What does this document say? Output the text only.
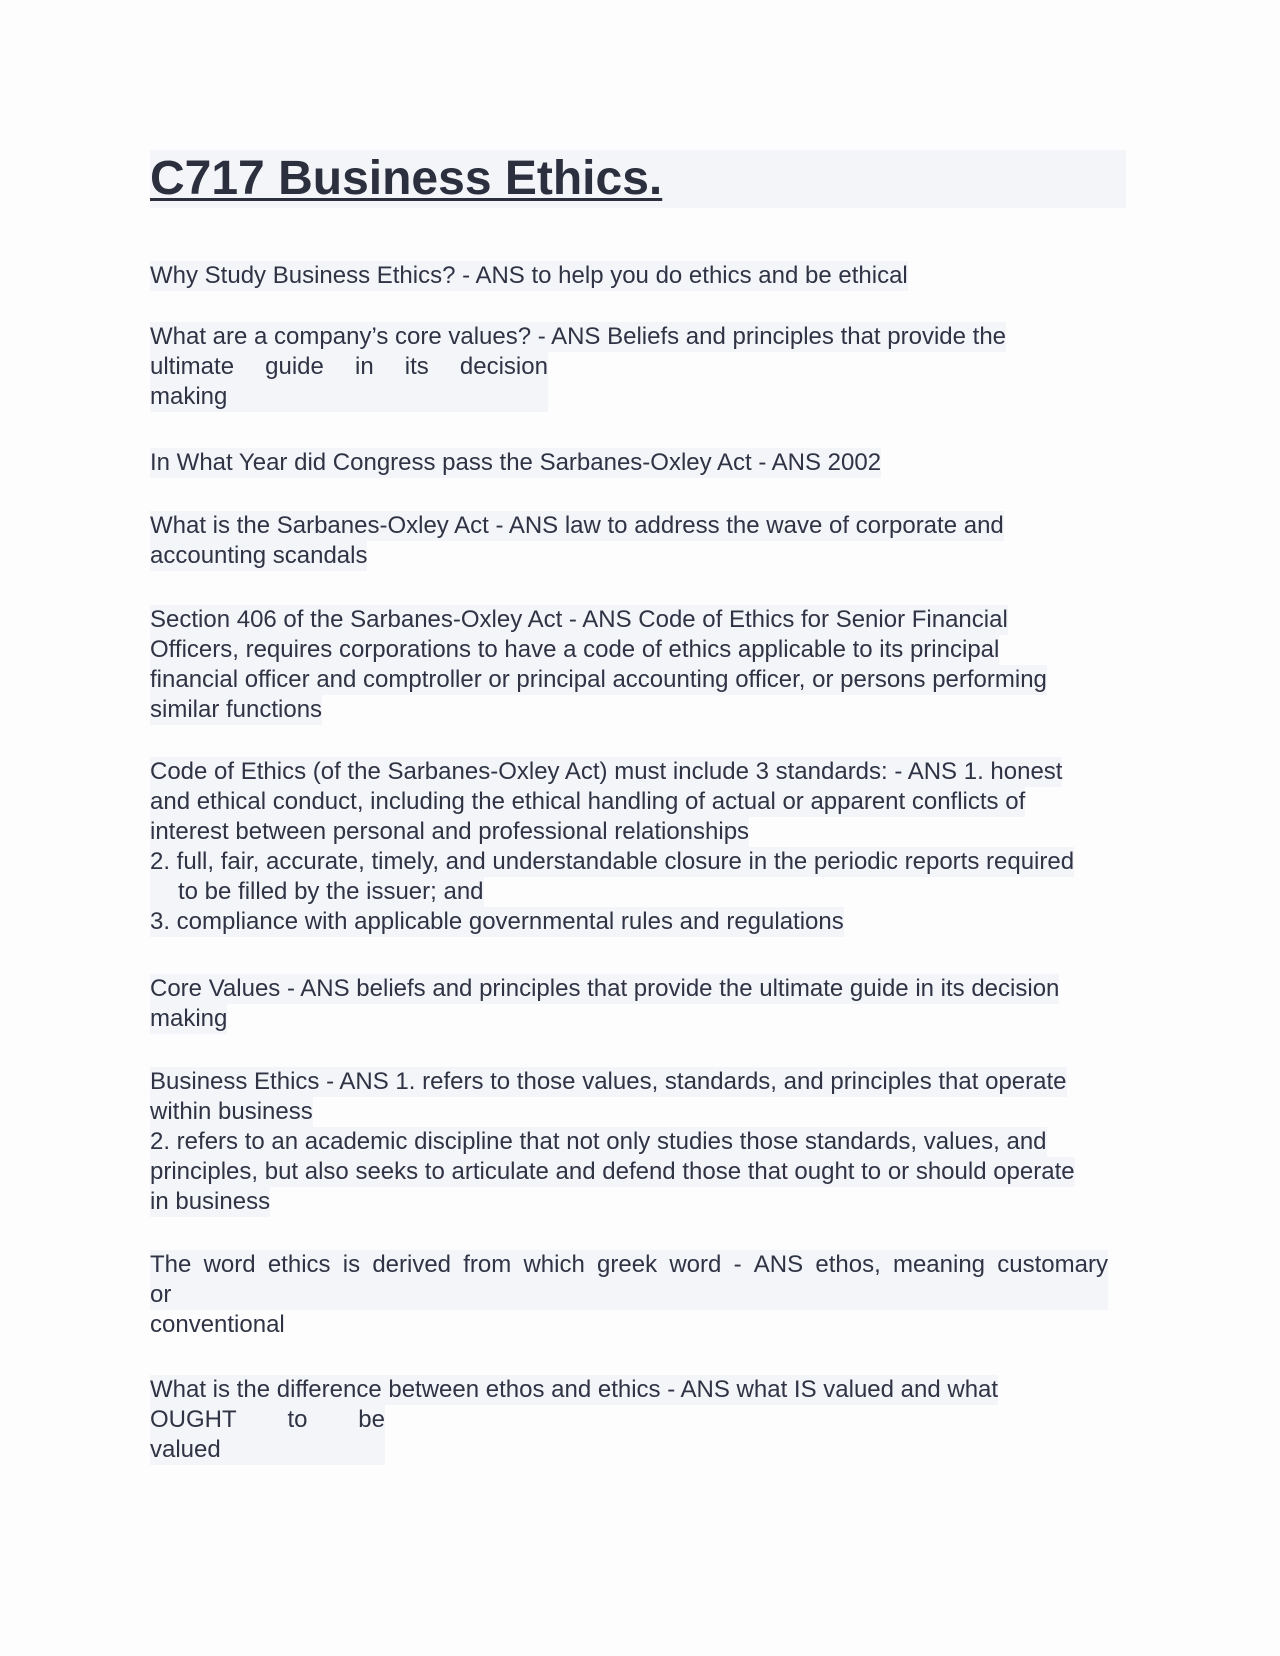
C717 Business Ethics.
Why Study Business Ethics? - ANS to help you do ethics and be ethical
What are a company’s core values? - ANS Beliefs and principles that provide the
ultimate guide in its decision
making
In What Year did Congress pass the Sarbanes-Oxley Act - ANS 2002
What is the Sarbanes-Oxley Act - ANS law to address the wave of corporate and
accounting scandals
Section 406 of the Sarbanes-Oxley Act - ANS Code of Ethics for Senior Financial
Officers, requires corporations to have a code of ethics applicable to its principal
financial officer and comptroller or principal accounting officer, or persons performing
similar functions
Code of Ethics (of the Sarbanes-Oxley Act) must include 3 standards: - ANS 1. honest
and ethical conduct, including the ethical handling of actual or apparent conflicts of
interest between personal and professional relationships
2. full, fair, accurate, timely, and understandable closure in the periodic reports required
to be filled by the issuer; and
3. compliance with applicable governmental rules and regulations
Core Values - ANS beliefs and principles that provide the ultimate guide in its decision
making
Business Ethics - ANS 1. refers to those values, standards, and principles that operate
within business
2. refers to an academic discipline that not only studies those standards, values, and
principles, but also seeks to articulate and defend those that ought to or should operate
in business
The word ethics is derived from which greek word - ANS ethos, meaning customary
or
conventional
What is the difference between ethos and ethics - ANS what IS valued and what
OUGHT to be
valued
